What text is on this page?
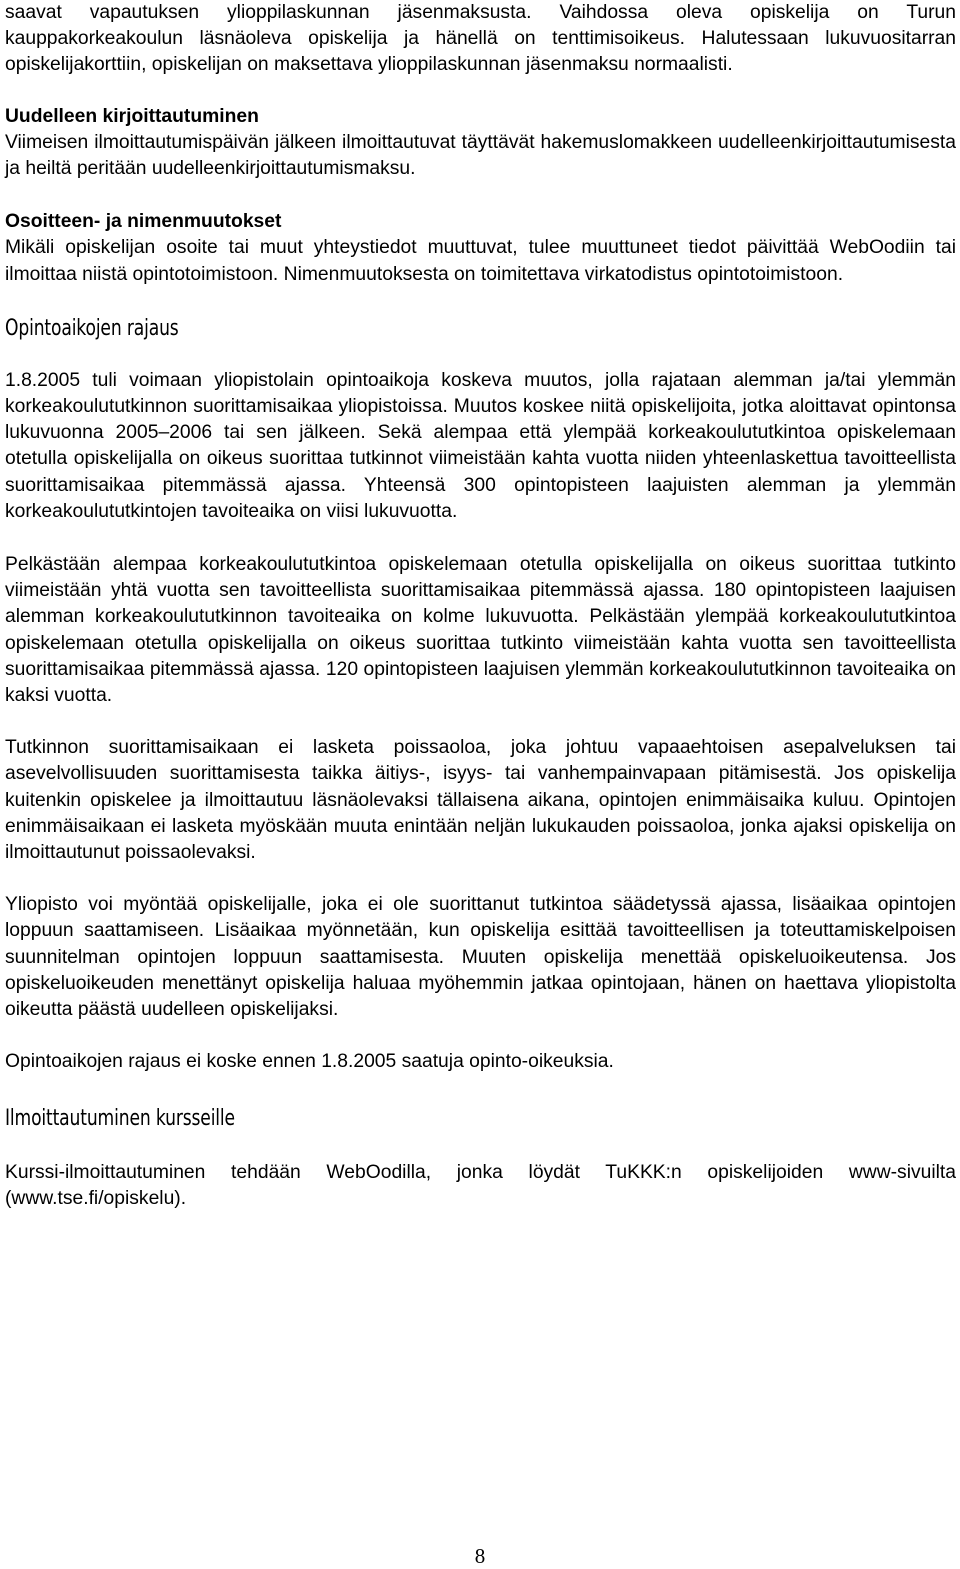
saavat vapautuksen ylioppilaskunnan jäsenmaksusta. Vaihdossa oleva opiskelija on Turun kauppakorkeakoulun läsnäoleva opiskelija ja hänellä on tenttimisoikeus. Halutessaan lukuvuositarran opiskelijakorttiin, opiskelijan on maksettava ylioppilaskunnan jäsenmaksu normaalisti.

Uudelleen kirjoittautuminen

Viimeisen ilmoittautumispäivän jälkeen ilmoittautuvat täyttävät hakemuslomakkeen uudelleenkirjoittautumisesta ja heiltä peritään uudelleenkirjoittautumismaksu.

Osoitteen- ja nimenmuutokset

Mikäli opiskelijan osoite tai muut yhteystiedot muuttuvat, tulee muuttuneet tiedot päivittää WebOodiin tai ilmoittaa niistä opintotoimistoon. Nimenmuutoksesta on toimitettava virkatodistus opintotoimistoon.

Opintoaikojen rajaus

1.8.2005 tuli voimaan yliopistolain opintoaikoja koskeva muutos, jolla rajataan alemman ja/tai ylemmän korkeakoulututkinnon suorittamisaikaa yliopistoissa. Muutos koskee niitä opiskelijoita, jotka aloittavat opintonsa lukuvuonna 2005–2006 tai sen jälkeen. Sekä alempaa että ylempää korkeakoulututkintoa opiskelemaan otetulla opiskelijalla on oikeus suorittaa tutkinnot viimeistään kahta vuotta niiden yhteenlaskettua tavoitteellista suorittamisaikaa pitemmässä ajassa. Yhteensä 300 opintopisteen laajuisten alemman ja ylemmän korkeakoulututkintojen tavoiteaika on viisi lukuvuotta.

Pelkästään alempaa korkeakoulututkintoa opiskelemaan otetulla opiskelijalla on oikeus suorittaa tutkinto viimeistään yhtä vuotta sen tavoitteellista suorittamisaikaa pitemmässä ajassa. 180 opintopisteen laajuisen alemman korkeakoulututkinnon tavoiteaika on kolme lukuvuotta. Pelkästään ylempää korkeakoulututkintoa opiskelemaan otetulla opiskelijalla on oikeus suorittaa tutkinto viimeistään kahta vuotta sen tavoitteellista suorittamisaikaa pitemmässä ajassa. 120 opintopisteen laajuisen ylemmän korkeakoulututkinnon tavoiteaika on kaksi vuotta.

Tutkinnon suorittamisaikaan ei lasketa poissaoloa, joka johtuu vapaaehtoisen asepalveluksen tai asevelvollisuuden suorittamisesta taikka äitiys-, isyys- tai vanhempainvapaan pitämisestä. Jos opiskelija kuitenkin opiskelee ja ilmoittautuu läsnäolevaksi tällaisena aikana, opintojen enimmäisaika kuluu. Opintojen enimmäisaikaan ei lasketa myöskään muuta enintään neljän lukukauden poissaoloa, jonka ajaksi opiskelija on ilmoittautunut poissaolevaksi.

Yliopisto voi myöntää opiskelijalle, joka ei ole suorittanut tutkintoa säädetyssä ajassa, lisäaikaa opintojen loppuun saattamiseen. Lisäaikaa myönnetään, kun opiskelija esittää tavoitteellisen ja toteuttamiskelpoisen suunnitelman opintojen loppuun saattamisesta. Muuten opiskelija menettää opiskeluoikeutensa. Jos opiskeluoikeuden menettänyt opiskelija haluaa myöhemmin jatkaa opintojaan, hänen on haettava yliopistolta oikeutta päästä uudelleen opiskelijaksi.

Opintoaikojen rajaus ei koske ennen 1.8.2005 saatuja opinto-oikeuksia.

Ilmoittautuminen kursseille

Kurssi-ilmoittautuminen tehdään WebOodilla, jonka löydät TuKKK:n opiskelijoiden www-sivuilta (www.tse.fi/opiskelu).

8
